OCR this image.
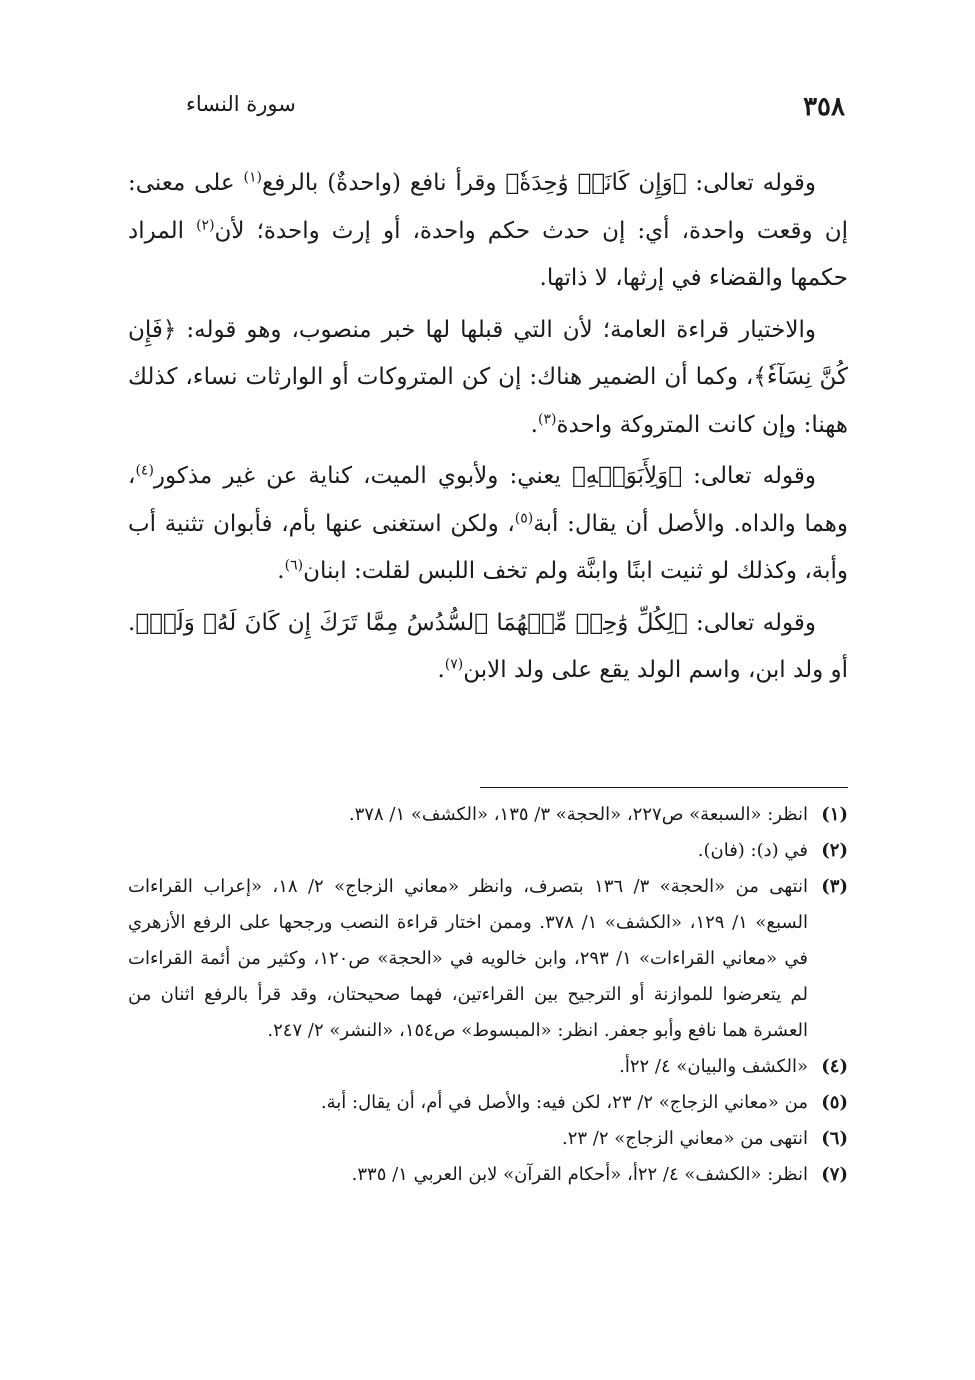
٣٥٨
سورة النساء

وقوله تعالى: ﴿وَإِن كَانَتۡ وَٰحِدَةٗ﴾ وقرأ نافع (واحدةٌ) بالرفع$^{(١)}$ على معنى: إن وقعت واحدة، أي: إن حدث حكم واحدة، أو إرث واحدة؛ لأن$^{(٢)}$ المراد حكمها والقضاء في إرثها، لا ذاتها.

والاختيار قراءة العامة؛ لأن التي قبلها لها خبر منصوب، وهو قوله: ﴿فَإِن كُنَّ نِسَآءٗ﴾، وكما أن الضمير هناك: إن كن المتروكات أو الوارثات نساء، كذلك ههنا: وإن كانت المتروكة واحدة$^{(٣)}$.

وقوله تعالى: ﴿وَلِأَبَوَيۡهِ﴾ يعني: ولأبوي الميت، كناية عن غير مذكور$^{(٤)}$، وهما والداه. والأصل أن يقال: أبة$^{(٥)}$، ولكن استغنى عنها بأم، فأبوان تثنية أب وأبة، وكذلك لو ثنيت ابنًا وابنَّة ولم تخف اللبس لقلت: ابنان$^{(٦)}$.

وقوله تعالى: ﴿لِكُلِّ وَٰحِدٖ مِّنۡهُمَا ٱلسُّدُسُ مِمَّا تَرَكَ إِن كَانَ لَهُۥ وَلَدٞ﴾. أو ولد ابن، واسم الولد يقع على ولد الابن$^{(٧)}$.

(١)
انظر: «السبعة» ص٢٢٧، «الحجة» ٣/ ١٣٥، «الكشف» ١/ ٣٧٨.
(٢)
في (د): (فان).
(٣)
انتهى من «الحجة» ٣/ ١٣٦ بتصرف، وانظر «معاني الزجاج» ٢/ ١٨، «إعراب القراءات السبع» ١/ ١٢٩، «الكشف» ١/ ٣٧٨. وممن اختار قراءة النصب ورجحها على الرفع الأزهري في «معاني القراءات» ١/ ٢٩٣، وابن خالويه في «الحجة» ص١٢٠، وكثير من أئمة القراءات لم يتعرضوا للموازنة أو الترجيح بين القراءتين، فهما صحيحتان، وقد قرأ بالرفع اثنان من العشرة هما نافع وأبو جعفر. انظر: «المبسوط» ص١٥٤، «النشر» ٢/ ٢٤٧.
(٤)
«الكشف والبيان» ٤/ ٢٢أ.
(٥)
من «معاني الزجاج» ٢/ ٢٣، لكن فيه: والأصل في أم، أن يقال: أبة.
(٦)
انتهى من «معاني الزجاج» ٢/ ٢٣.
(٧)
انظر: «الكشف» ٤/ ٢٢أ، «أحكام القرآن» لابن العربي ١/ ٣٣٥.
